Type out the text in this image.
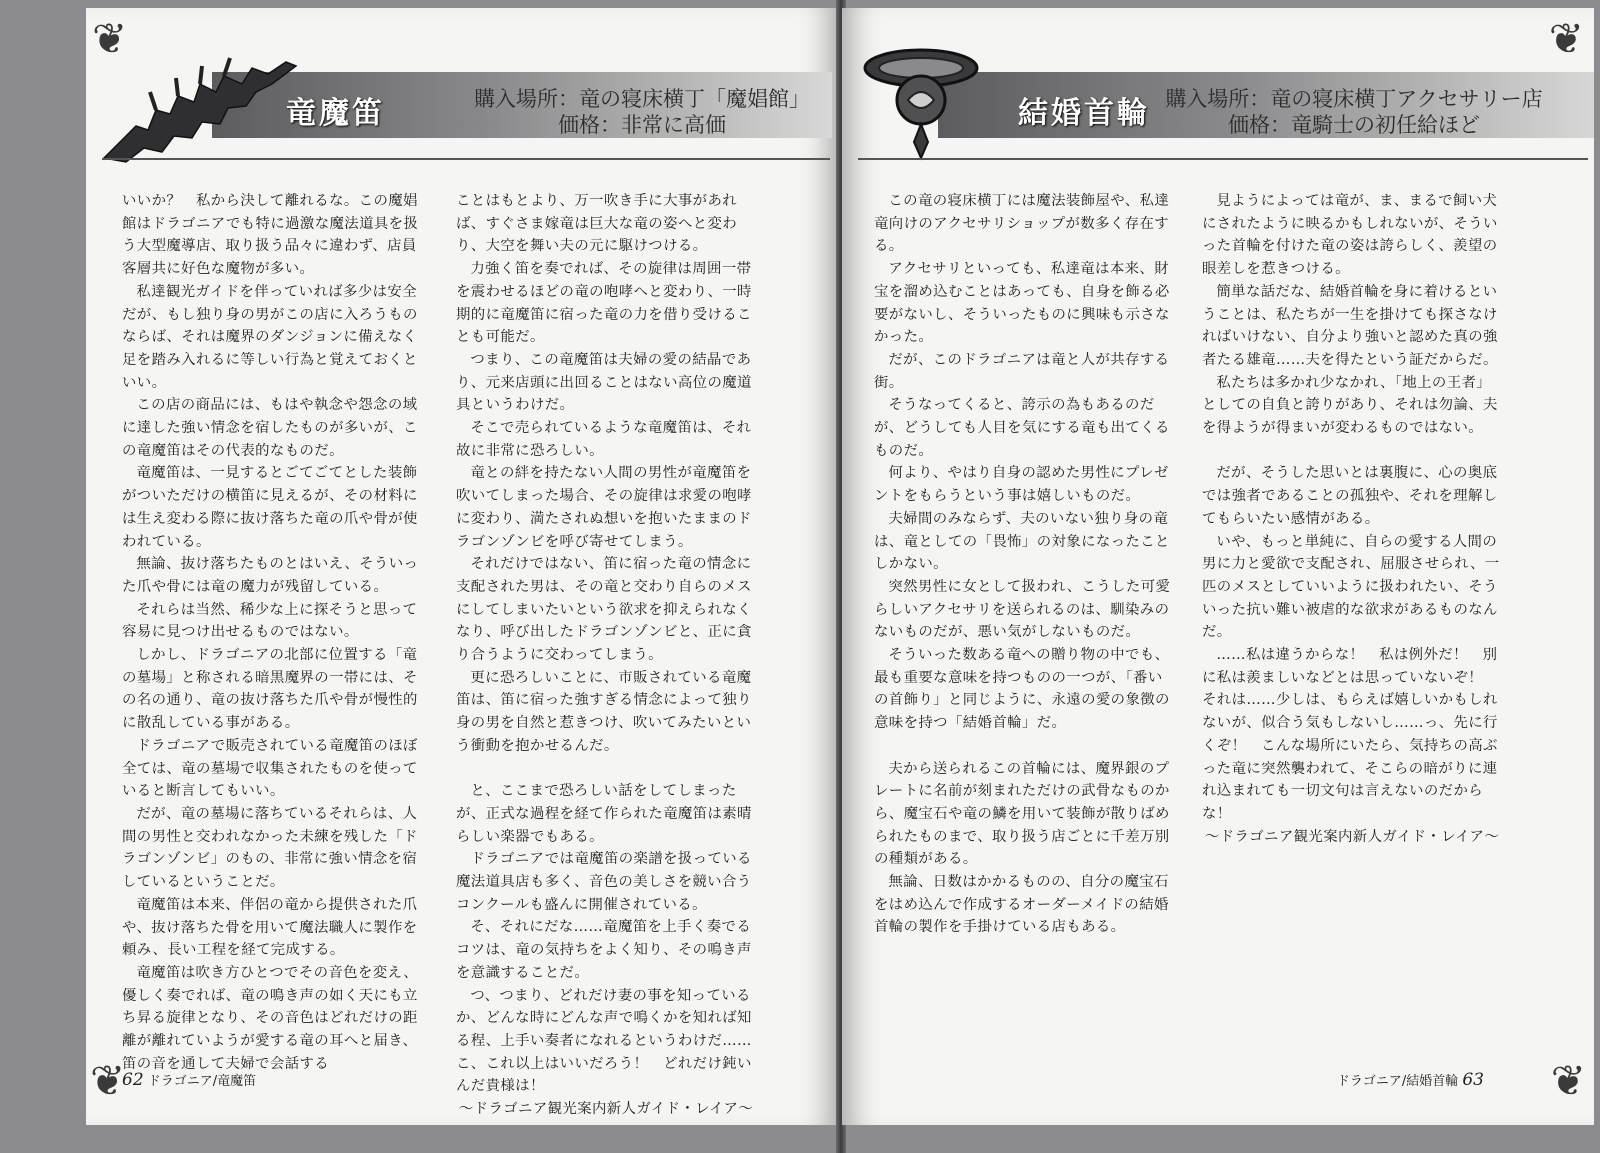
❦
❦
竜魔笛	購入場所：竜の寝床横丁「魔娼館」
価格：非常に高価

いいか？　私から決して離れるな。この魔娼館はドラゴニアでも特に過激な魔法道具を扱う大型魔導店、取り扱う品々に違わず、店員客層共に好色な魔物が多い。

私達観光ガイドを伴っていれば多少は安全だが、もし独り身の男がこの店に入ろうものならば、それは魔界のダンジョンに備えなく足を踏み入れるに等しい行為と覚えておくといい。

この店の商品には、もはや執念や怨念の域に達した強い情念を宿したものが多いが、この竜魔笛はその代表的なものだ。

竜魔笛は、一見するとごてごてとした装飾がついただけの横笛に見えるが、その材料には生え変わる際に抜け落ちた竜の爪や骨が使われている。

無論、抜け落ちたものとはいえ、そういった爪や骨には竜の魔力が残留している。

それらは当然、稀少な上に探そうと思って容易に見つけ出せるものではない。

しかし、ドラゴニアの北部に位置する「竜の墓場」と称される暗黒魔界の一帯には、その名の通り、竜の抜け落ちた爪や骨が慢性的に散乱している事がある。

ドラゴニアで販売されている竜魔笛のほぼ全ては、竜の墓場で収集されたものを使っていると断言してもいい。

だが、竜の墓場に落ちているそれらは、人間の男性と交われなかった未練を残した「ドラゴンゾンビ」のもの、非常に強い情念を宿しているということだ。

竜魔笛は本来、伴侶の竜から提供された爪や、抜け落ちた骨を用いて魔法職人に製作を頼み、長い工程を経て完成する。

竜魔笛は吹き方ひとつでその音色を変え、優しく奏でれば、竜の鳴き声の如く天にも立ち昇る旋律となり、その音色はどれだけの距離が離れていようが愛する竜の耳へと届き、笛の音を通して夫婦で会話する

ことはもとより、万一吹き手に大事があれば、すぐさま嫁竜は巨大な竜の姿へと変わり、大空を舞い夫の元に駆けつける。

力強く笛を奏でれば、その旋律は周囲一帯を震わせるほどの竜の咆哮へと変わり、一時期的に竜魔笛に宿った竜の力を借り受けることも可能だ。

つまり、この竜魔笛は夫婦の愛の結晶であり、元来店頭に出回ることはない高位の魔道具というわけだ。

そこで売られているような竜魔笛は、それ故に非常に恐ろしい。

竜との絆を持たない人間の男性が竜魔笛を吹いてしまった場合、その旋律は求愛の咆哮に変わり、満たされぬ想いを抱いたままのドラゴンゾンビを呼び寄せてしまう。

それだけではない、笛に宿った竜の情念に支配された男は、その竜と交わり自らのメスにしてしまいたいという欲求を抑えられなくなり、呼び出したドラゴンゾンビと、正に貪り合うように交わってしまう。

更に恐ろしいことに、市販されている竜魔笛は、笛に宿った強すぎる情念によって独り身の男を自然と惹きつけ、吹いてみたいという衝動を抱かせるんだ。

と、ここまで恐ろしい話をしてしまったが、正式な過程を経て作られた竜魔笛は素晴らしい楽器でもある。

ドラゴニアでは竜魔笛の楽譜を扱っている魔法道具店も多く、音色の美しさを競い合うコンクールも盛んに開催されている。

そ、それにだな……竜魔笛を上手く奏でるコツは、竜の気持ちをよく知り、その鳴き声を意識することだ。

つ、つまり、どれだけ妻の事を知っているか、どんな時にどんな声で鳴くかを知れば知る程、上手い奏者になれるというわけだ……こ、これ以上はいいだろう！　どれだけ鈍いんだ貴様は！

～ドラゴニア観光案内新人ガイド・レイア～

62 ドラゴニア/竜魔笛
❦
❦
結婚首輪 購入場所：竜の寝床横丁アクセサリー店
価格：竜騎士の初任給ほど

この竜の寝床横丁には魔法装飾屋や、私達竜向けのアクセサリショップが数多く存在する。

アクセサリといっても、私達竜は本来、財宝を溜め込むことはあっても、自身を飾る必要がないし、そういったものに興味も示さなかった。

だが、このドラゴニアは竜と人が共存する街。

そうなってくると、誇示の為もあるのだが、どうしても人目を気にする竜も出てくるものだ。

何より、やはり自身の認めた男性にプレゼントをもらうという事は嬉しいものだ。

夫婦間のみならず、夫のいない独り身の竜は、竜としての「畏怖」の対象になったことしかない。

突然男性に女として扱われ、こうした可愛らしいアクセサリを送られるのは、馴染みのないものだが、悪い気がしないものだ。

そういった数ある竜への贈り物の中でも、最も重要な意味を持つものの一つが、「番いの首飾り」と同じように、永遠の愛の象徴の意味を持つ「結婚首輪」だ。

夫から送られるこの首輪には、魔界銀のプレートに名前が刻まれただけの武骨なものから、魔宝石や竜の鱗を用いて装飾が散りばめられたものまで、取り扱う店ごとに千差万別の種類がある。

無論、日数はかかるものの、自分の魔宝石をはめ込んで作成するオーダーメイドの結婚首輪の製作を手掛けている店もある。

見ようによっては竜が、ま、まるで飼い犬にされたように映るかもしれないが、そういった首輪を付けた竜の姿は誇らしく、羨望の眼差しを惹きつける。

簡単な話だな、結婚首輪を身に着けるということは、私たちが一生を掛けても探さなければいけない、自分より強いと認めた真の強者たる雄竜……夫を得たという証だからだ。

私たちは多かれ少なかれ、「地上の王者」としての自負と誇りがあり、それは勿論、夫を得ようが得まいが変わるものではない。

だが、そうした思いとは裏腹に、心の奥底では強者であることの孤独や、それを理解してもらいたい感情がある。

いや、もっと単純に、自らの愛する人間の男に力と愛欲で支配され、屈服させられ、一匹のメスとしていいように扱われたい、そういった抗い難い被虐的な欲求があるものなんだ。

……私は違うからな！　私は例外だ！　別に私は羨ましいなどとは思っていないぞ！　それは……少しは、もらえば嬉しいかもしれないが、似合う気もしないし……っ、先に行くぞ！　こんな場所にいたら、気持ちの高ぶった竜に突然襲われて、そこらの暗がりに連れ込まれても一切文句は言えないのだからな！

～ドラゴニア観光案内新人ガイド・レイア～

ドラゴニア/結婚首輪 63
